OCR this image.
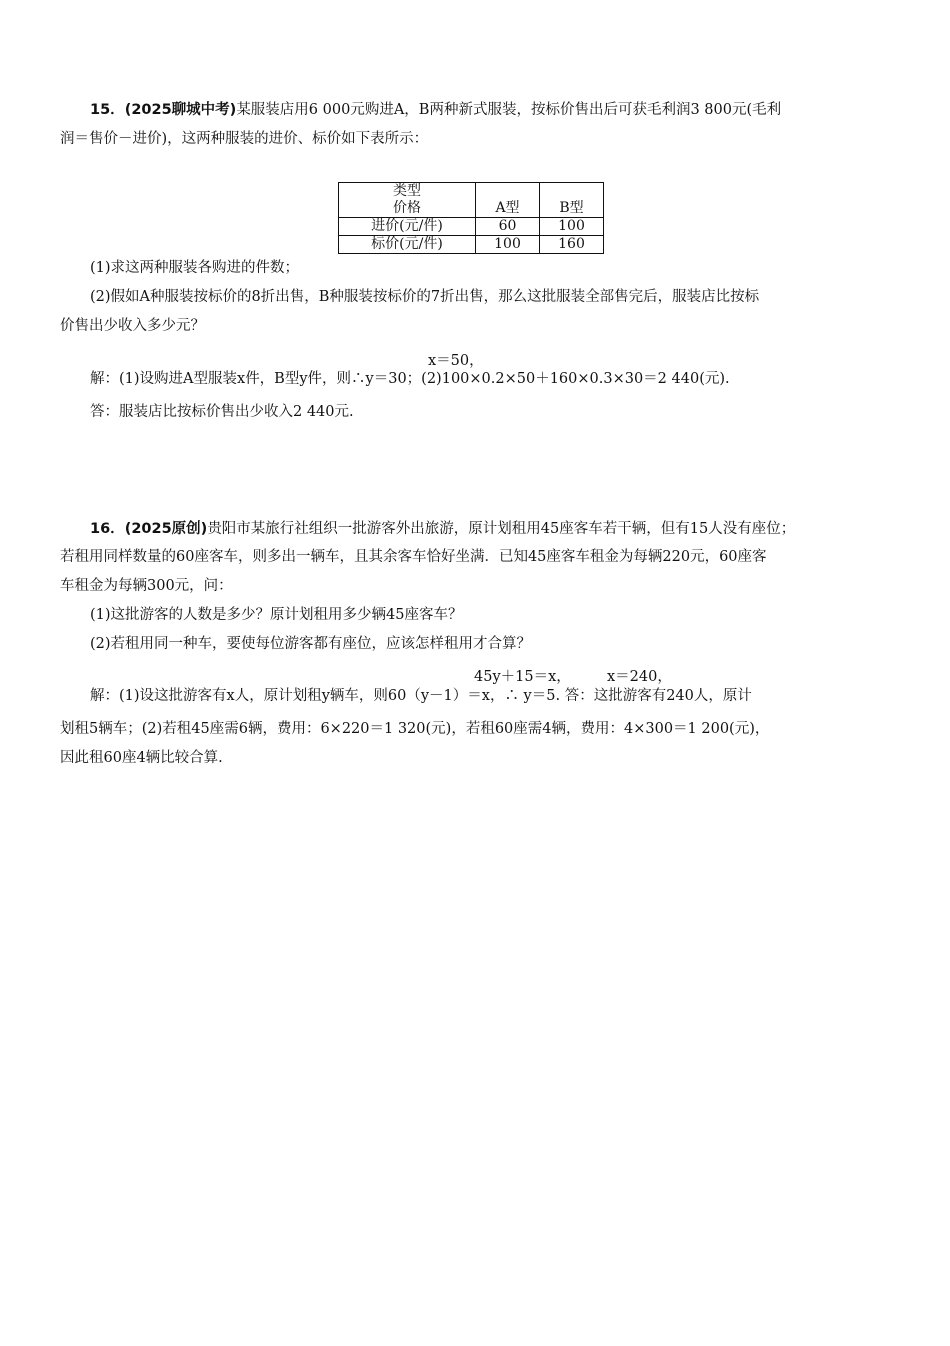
15．(2025聊城中考)某服装店用6 000元购进A，B两种新式服装，按标价售出后可获毛利润3 800元(毛利
润＝售价－进价)，这两种服装的进价、标价如下表所示：
类型		
价格	A型	B型
进价(元/件)	60	100
标价(元/件)	100	160
(1)求这两种服装各购进的件数；
(2)假如A种服装按标价的8折出售，B种服装按标价的7折出售，那么这批服装全部售完后，服装店比按标
价售出少收入多少元？
x＝50，
解：(1)设购进A型服装x件，B型y件，则∴y＝30；(2)100×0.2×50＋160×0.3×30＝2 440(元).
答：服装店比按标价售出少收入2 440元.
16．(2025原创)贵阳市某旅行社组织一批游客外出旅游，原计划租用45座客车若干辆，但有15人没有座位；
若租用同样数量的60座客车，则多出一辆车，且其余客车恰好坐满．已知45座客车租金为每辆220元，60座客
车租金为每辆300元，问：
(1)这批游客的人数是多少？原计划租用多少辆45座客车？
(2)若租用同一种车，要使每位游客都有座位，应该怎样租用才合算？
45y＋15＝x， x＝240，
解：(1)设这批游客有x人，原计划租y辆车，则60（y－1）＝x，∴ y＝5. 答：这批游客有240人，原计
划租5辆车；(2)若租45座需6辆，费用：6×220＝1 320(元)，若租60座需4辆，费用：4×300＝1 200(元)，
因此租60座4辆比较合算.
